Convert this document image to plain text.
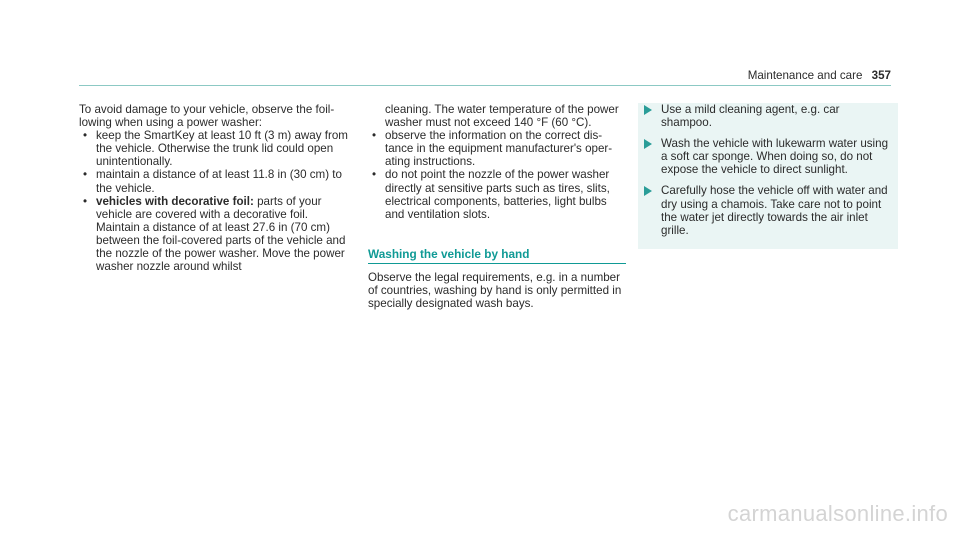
Maintenance and care 357

To avoid damage to your vehicle, observe the foil-lowing when using a power washer:

• keep the SmartKey at least 10 ft (3 m) away from the vehicle. Otherwise the trunk lid could open unintentionally.
• maintain a distance of at least 11.8 in (30 cm) to the vehicle.
• vehicles with decorative foil: parts of your vehicle are covered with a decorative foil. Maintain a distance of at least 27.6 in (70 cm) between the foil-covered parts of the vehicle and the nozzle of the power washer. Move the power washer nozzle around whilst
cleaning. The water temperature of the power washer must not exceed 140 °F (60 °C).
• observe the information on the correct dis-tance in the equipment manufacturer's oper-ating instructions.
• do not point the nozzle of the power washer directly at sensitive parts such as tires, slits, electrical components, batteries, light bulbs and ventilation slots.
Washing the vehicle by hand

Observe the legal requirements, e.g. in a number of countries, washing by hand is only permitted in specially designated wash bays.

Use a mild cleaning agent, e.g. car shampoo.
Wash the vehicle with lukewarm water using a soft car sponge. When doing so, do not expose the vehicle to direct sunlight.
Carefully hose the vehicle off with water and dry using a chamois. Take care not to point the water jet directly towards the air inlet grille.
carmanualsonline.info
